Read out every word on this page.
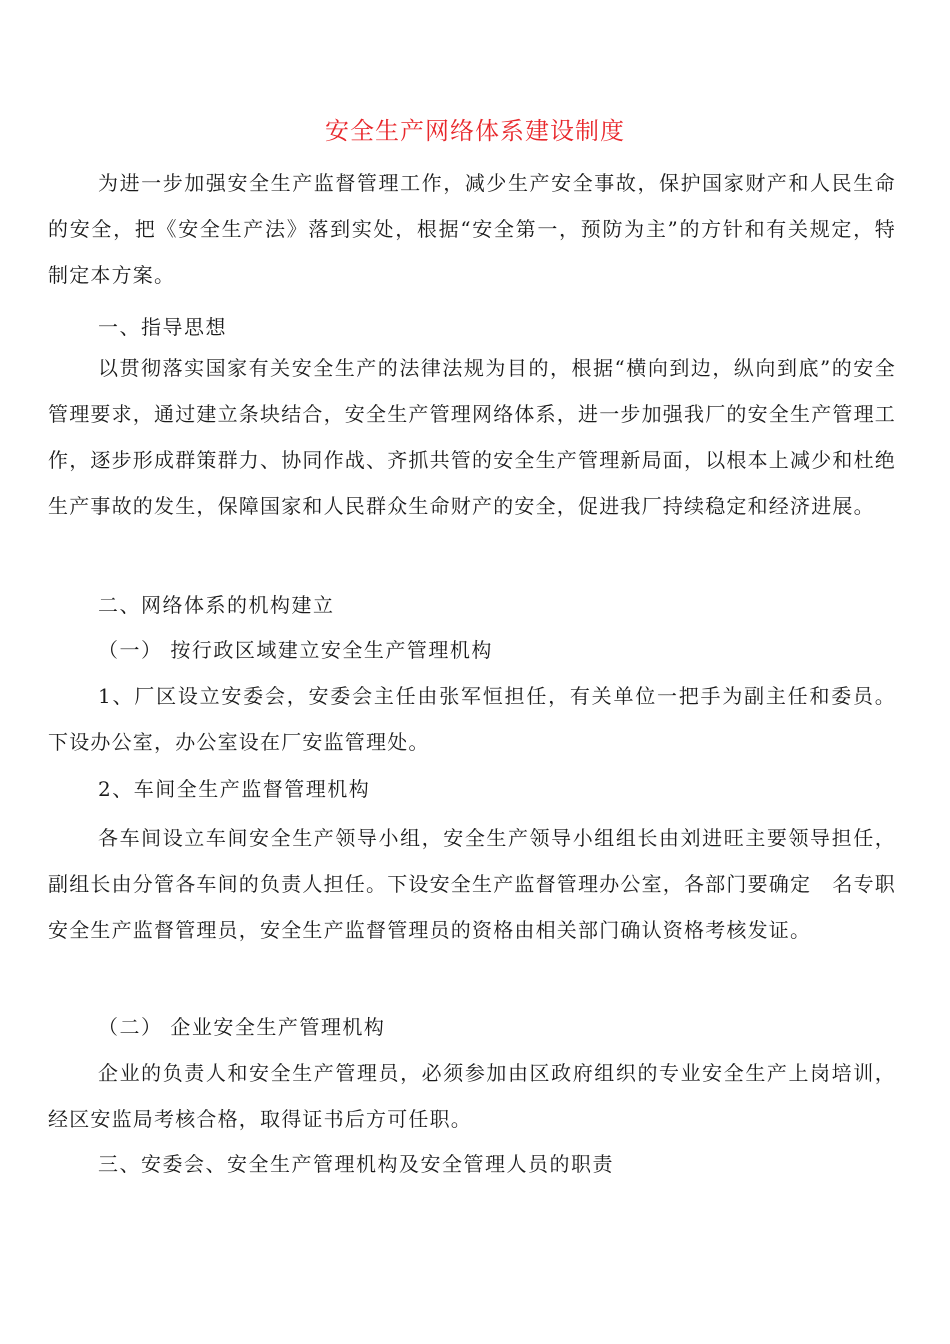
安全生产网络体系建设制度

为进一步加强安全生产监督管理工作，减少生产安全事故，保护国家财产和人民生命的安全，把《安全生产法》落到实处，根据“安全第一，预防为主”的方针和有关规定，特制定本方案。

一、指导思想

以贯彻落实国家有关安全生产的法律法规为目的，根据“横向到边，纵向到底”的安全管理要求，通过建立条块结合，安全生产管理网络体系，进一步加强我厂的安全生产管理工作，逐步形成群策群力、协同作战、齐抓共管的安全生产管理新局面，以根本上减少和杜绝生产事故的发生，保障国家和人民群众生命财产的安全，促进我厂持续稳定和经济进展。

二、网络体系的机构建立

（一） 按行政区域建立安全生产管理机构

1、厂区设立安委会，安委会主任由张军恒担任，有关单位一把手为副主任和委员。下设办公室，办公室设在厂安监管理处。

2、车间全生产监督管理机构

各车间设立车间安全生产领导小组，安全生产领导小组组长由刘进旺主要领导担任，副组长由分管各车间的负责人担任。下设安全生产监督管理办公室，各部门要确定　名专职安全生产监督管理员，安全生产监督管理员的资格由相关部门确认资格考核发证。

（二） 企业安全生产管理机构

企业的负责人和安全生产管理员，必须参加由区政府组织的专业安全生产上岗培训，经区安监局考核合格，取得证书后方可任职。

三、安委会、安全生产管理机构及安全管理人员的职责
